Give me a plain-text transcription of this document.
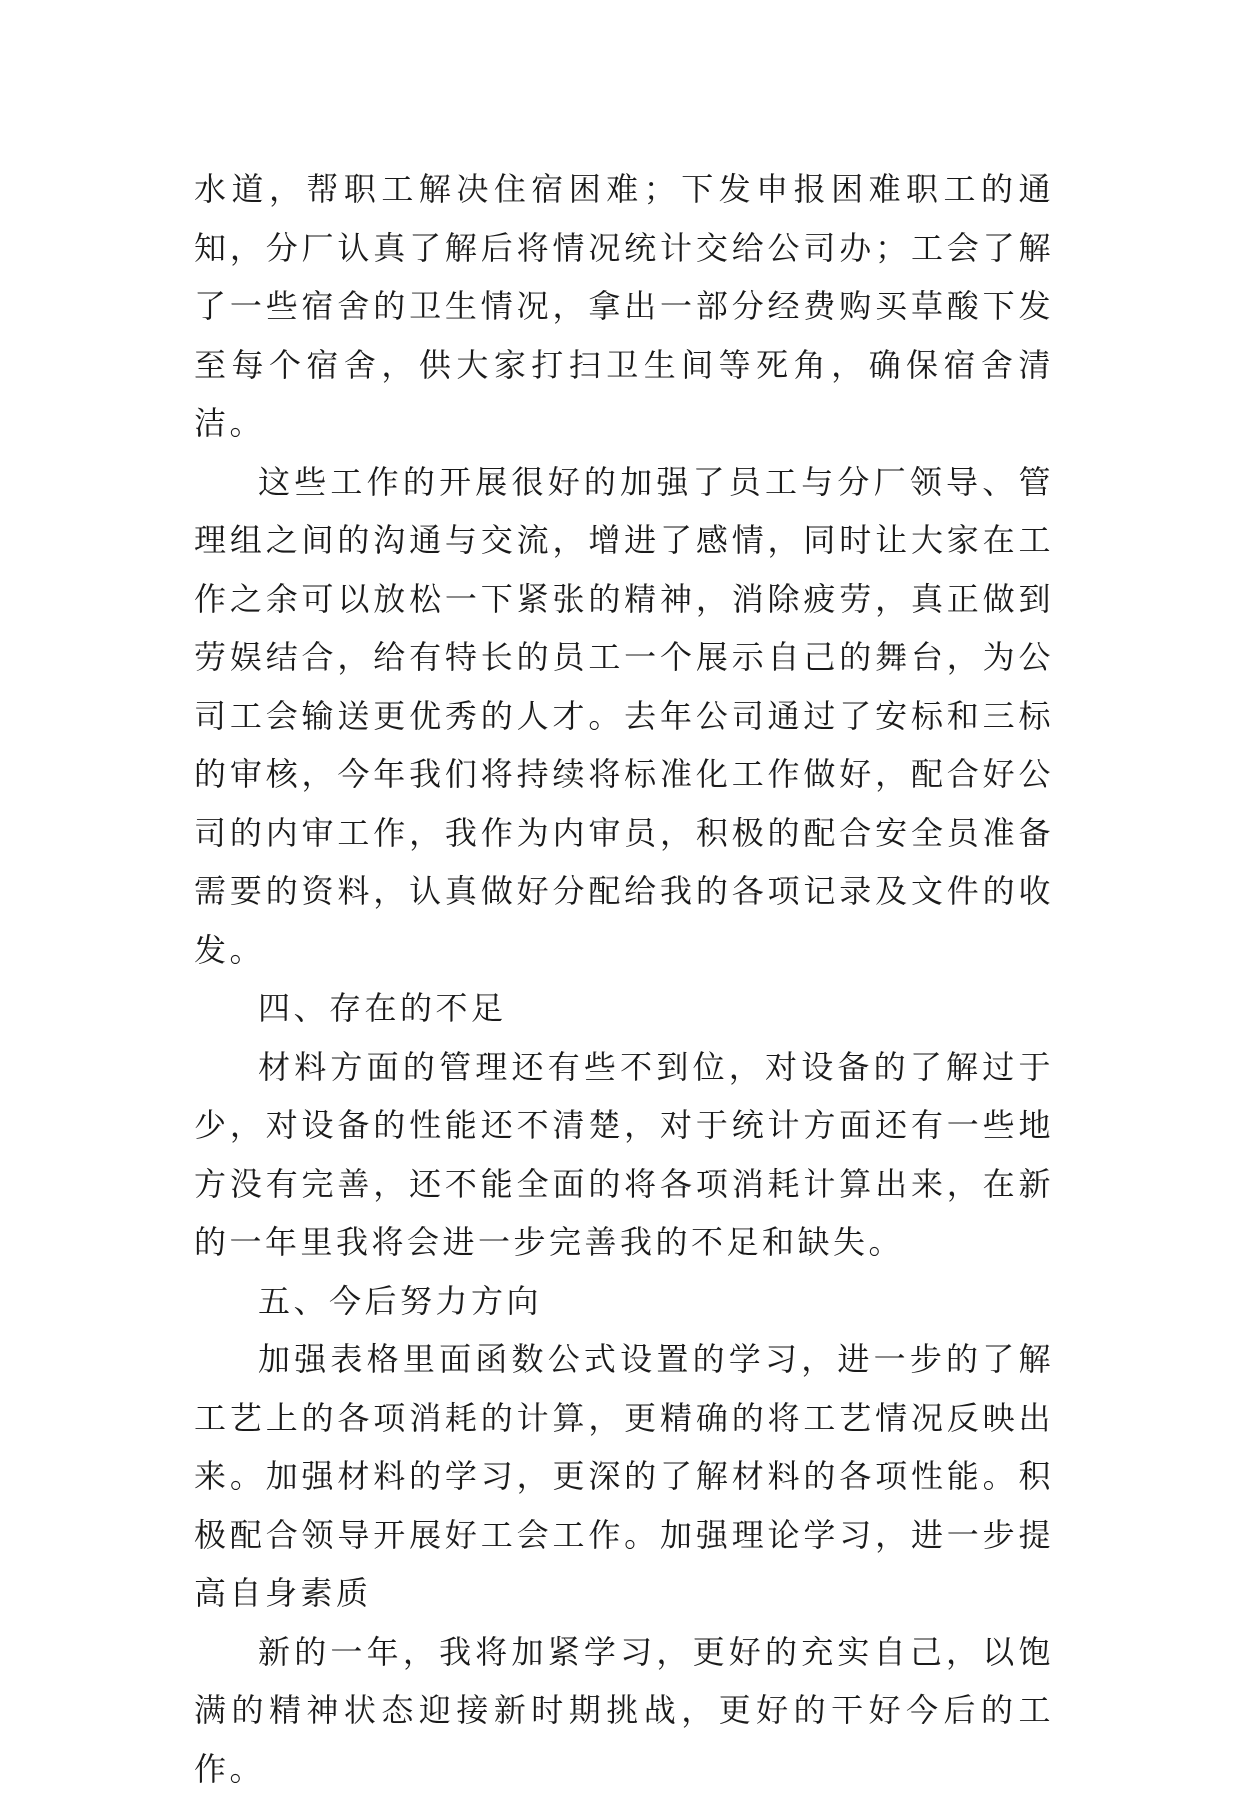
水道，帮职工解决住宿困难；下发申报困难职工的通知，分厂认真了解后将情况统计交给公司办；工会了解了一些宿舍的卫生情况，拿出一部分经费购买草酸下发至每个宿舍，供大家打扫卫生间等死角，确保宿舍清洁。

这些工作的开展很好的加强了员工与分厂领导、管理组之间的沟通与交流，增进了感情，同时让大家在工作之余可以放松一下紧张的精神，消除疲劳，真正做到劳娱结合，给有特长的员工一个展示自己的舞台，为公司工会输送更优秀的人才。去年公司通过了安标和三标的审核，今年我们将持续将标准化工作做好，配合好公司的内审工作，我作为内审员，积极的配合安全员准备需要的资料，认真做好分配给我的各项记录及文件的收发。

四、存在的不足

材料方面的管理还有些不到位，对设备的了解过于少，对设备的性能还不清楚，对于统计方面还有一些地方没有完善，还不能全面的将各项消耗计算出来，在新的一年里我将会进一步完善我的不足和缺失。

五、今后努力方向

加强表格里面函数公式设置的学习，进一步的了解工艺上的各项消耗的计算，更精确的将工艺情况反映出来。加强材料的学习，更深的了解材料的各项性能。积极配合领导开展好工会工作。加强理论学习，进一步提高自身素质

新的一年，我将加紧学习，更好的充实自己，以饱满的精神状态迎接新时期挑战，更好的干好今后的工作。
